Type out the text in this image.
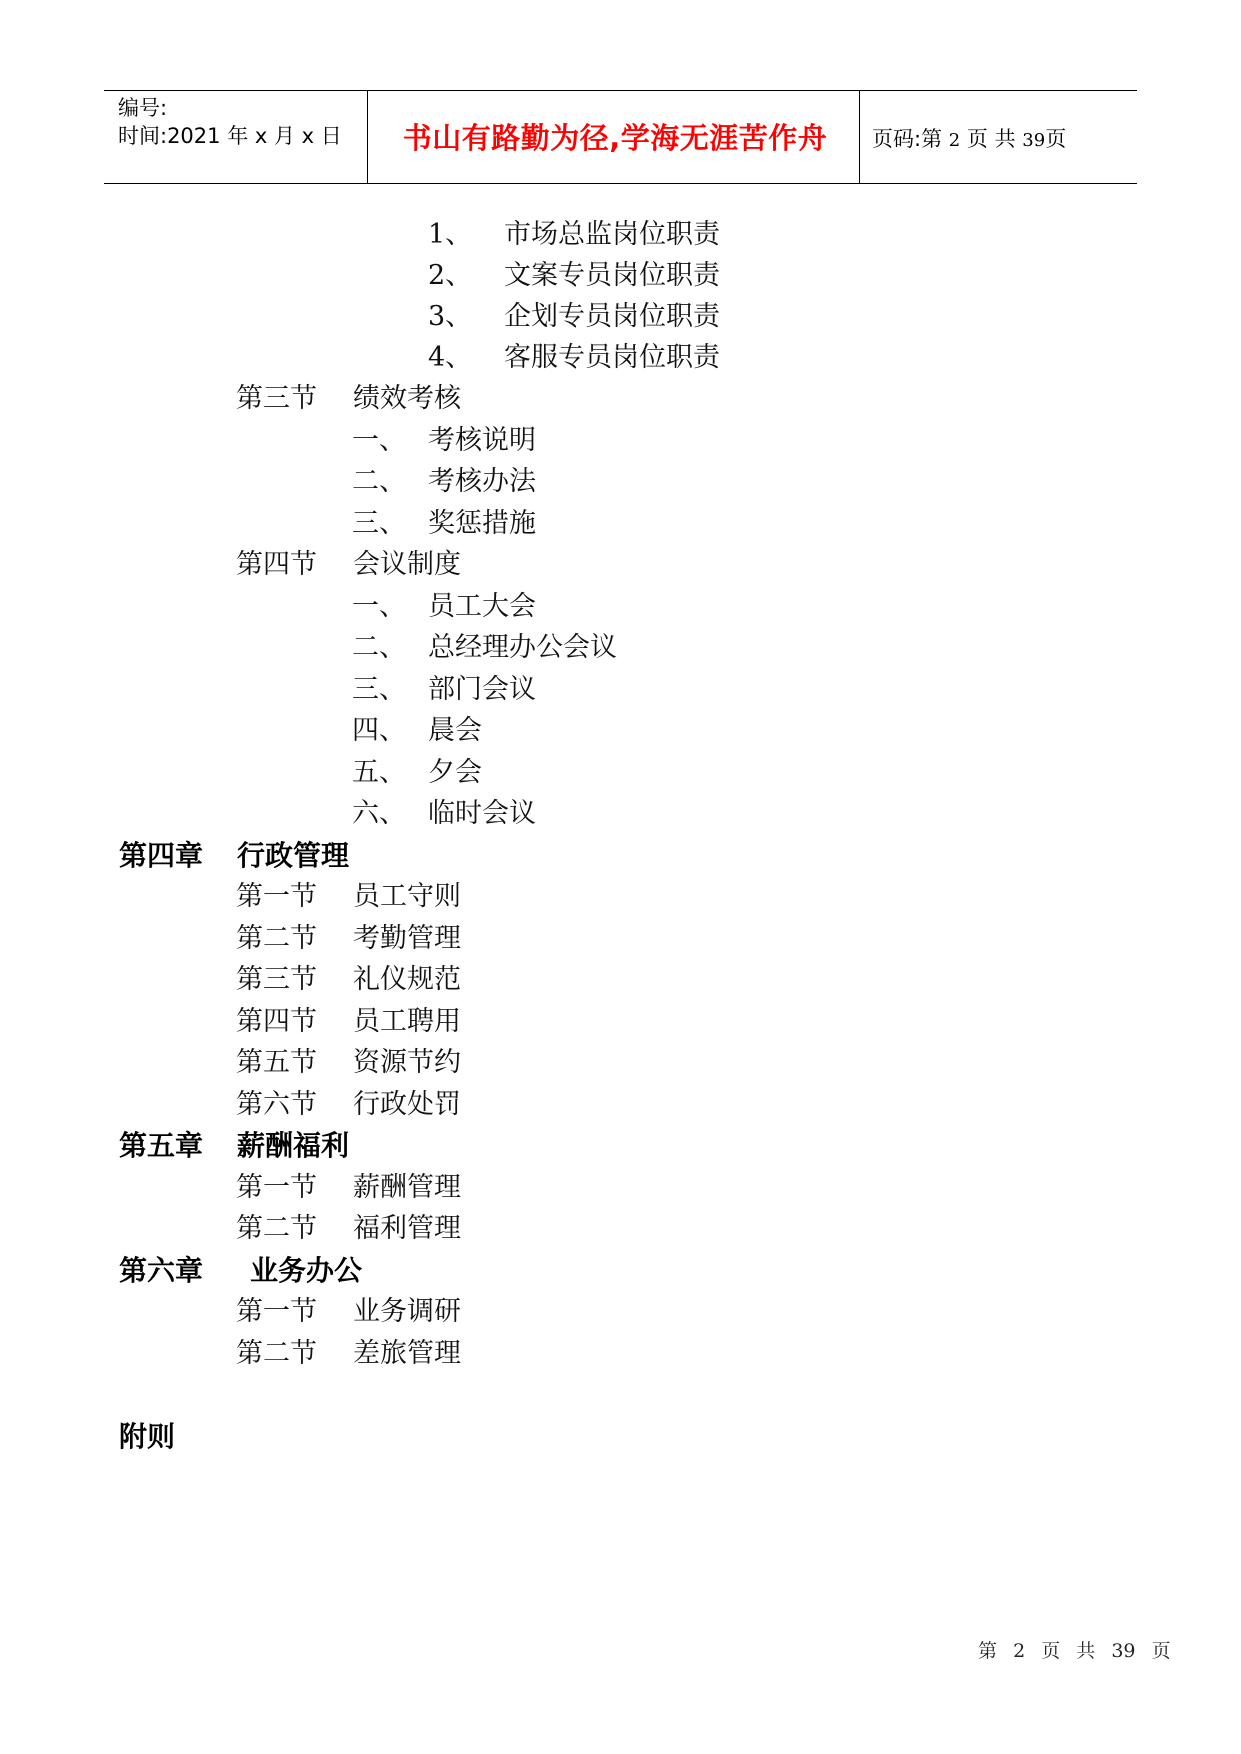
编号:
时间:2021 年 x 月 x 日	书山有路勤为径,学海无涯苦作舟	页码:第 2 页 共 39页
1、 市场总监岗位职责
2、 文案专员岗位职责
3、 企划专员岗位职责
4、 客服专员岗位职责
第三节 绩效考核
一、 考核说明
二、 考核办法
三、 奖惩措施
第四节 会议制度
一、 员工大会
二、 总经理办公会议
三、 部门会议
四、 晨会
五、 夕会
六、 临时会议
第四章 行政管理
第一节 员工守则
第二节 考勤管理
第三节 礼仪规范
第四节 员工聘用
第五节 资源节约
第六节 行政处罚
第五章 薪酬福利
第一节 薪酬管理
第二节 福利管理
第六章 业务办公
第一节 业务调研
第二节 差旅管理
附则
第 2 页 共 39 页
